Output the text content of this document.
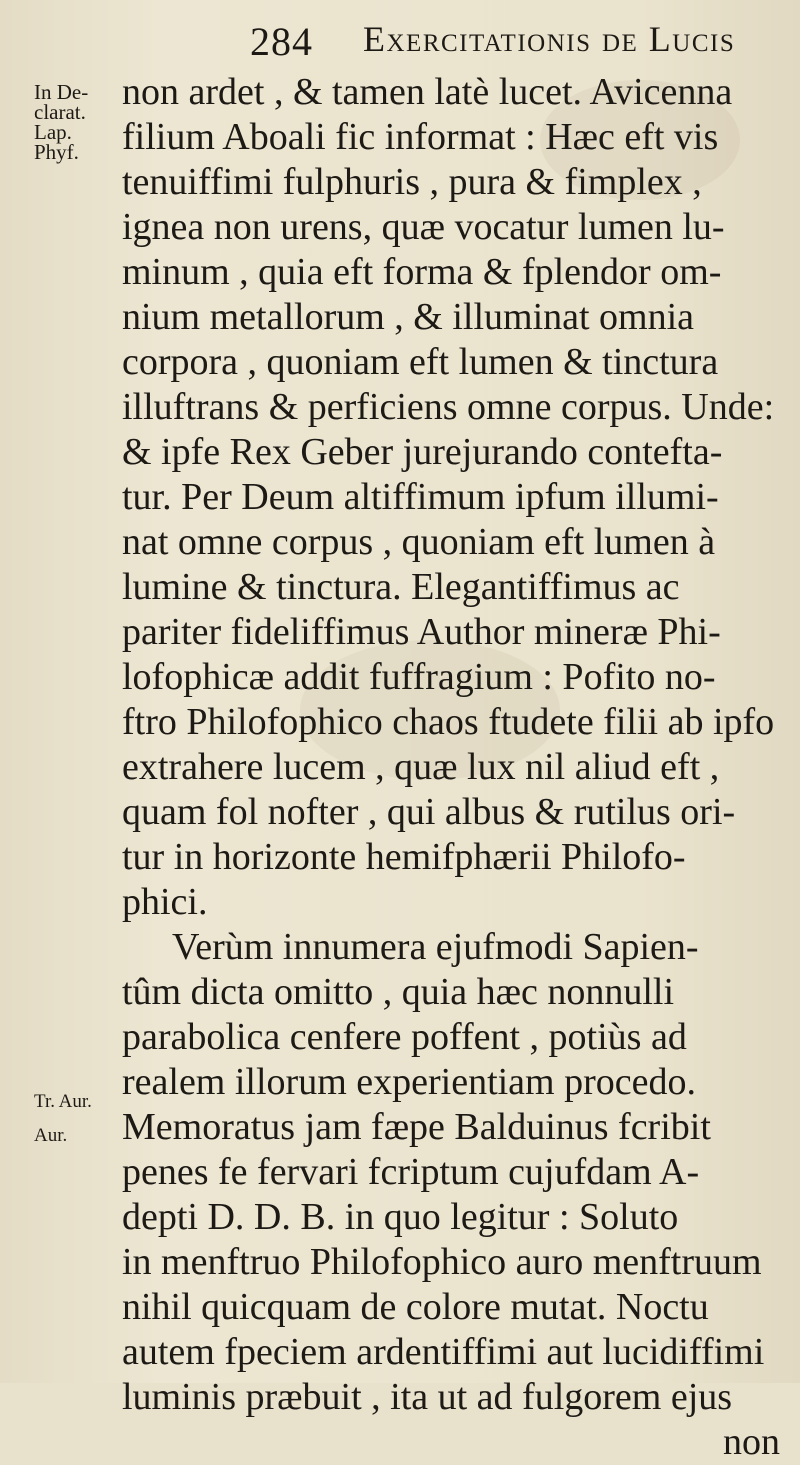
284 Exercitationis de Lucis
In De-
clarat.
Lap.
Phyf.
Tr. Aur.
Aur.
non ardet , & tamen latè lucet. Avicenna
filium Aboali fic informat : Hæc eft vis
tenuiffimi fulphuris , pura & fimplex ,
ignea non urens, quæ vocatur lumen lu-
minum , quia eft forma & fplendor om-
nium metallorum , & illuminat omnia
corpora , quoniam eft lumen & tinctura
illuftrans & perficiens omne corpus. Unde:
& ipfe Rex Geber jurejurando contefta-
tur. Per Deum altiffimum ipfum illumi-
nat omne corpus , quoniam eft lumen à
lumine & tinctura. Elegantiffimus ac
pariter fideliffimus Author mineræ Phi-
lofophicæ addit fuffragium : Pofito no-
ftro Philofophico chaos ftudete filii ab ipfo
extrahere lucem , quæ lux nil aliud eft ,
quam fol nofter , qui albus & rutilus ori-
tur in horizonte hemifphærii Philofo-
phici.
Verùm innumera ejufmodi Sapien-
tûm dicta omitto , quia hæc nonnulli
parabolica cenfere poffent , potiùs ad
realem illorum experientiam procedo.
Memoratus jam fæpe Balduinus fcribit
penes fe fervari fcriptum cujufdam A-
depti D. D. B. in quo legitur : Soluto
in menftruo Philofophico auro menftruum
nihil quicquam de colore mutat. Noctu
autem fpeciem ardentiffimi aut lucidiffimi
luminis præbuit , ita ut ad fulgorem ejus
non
